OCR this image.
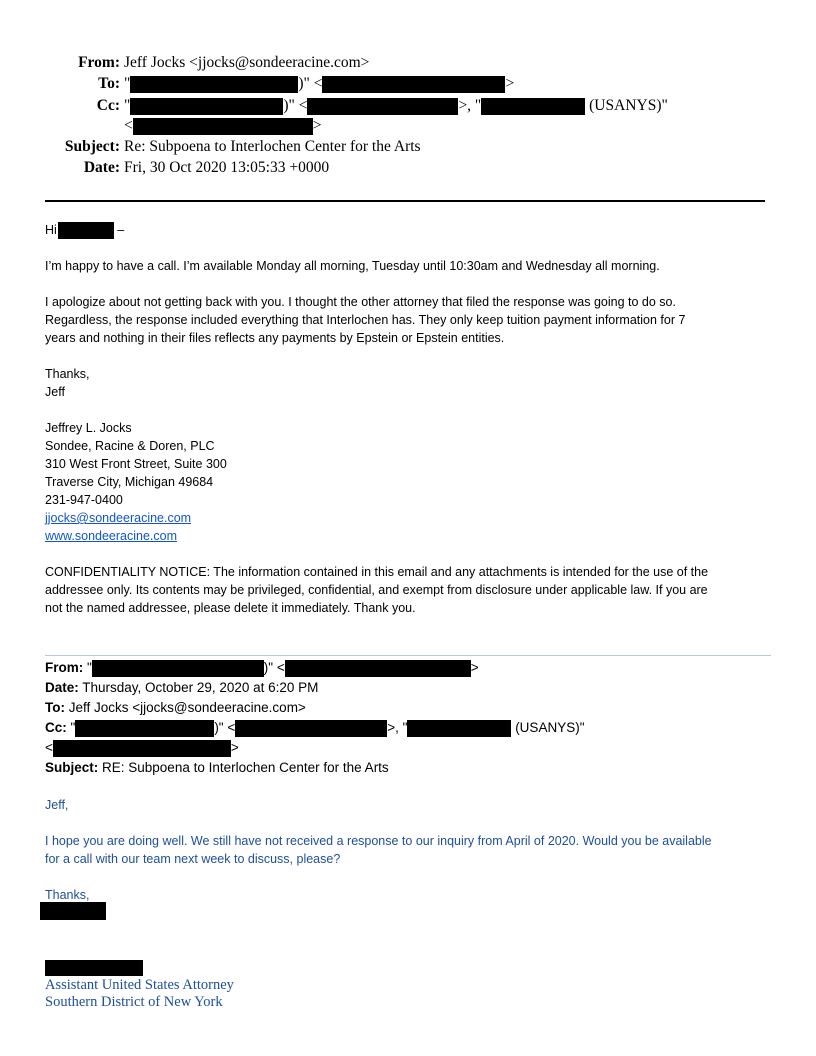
From: Jeff Jocks <jjocks@sondeeracine.com>
To: "	)" <	>
Cc: "	)" <	>, "	(USANYS)"
<	>
Subject: Re: Subpoena to Interlochen Center for the Arts
Date: Fri, 30 Oct 2020 13:05:33 +0000
Hi	–
I’m happy to have a call. I’m available Monday all morning, Tuesday until 10:30am and Wednesday all morning.
I apologize about not getting back with you. I thought the other attorney that filed the response was going to do so.
Regardless, the response included everything that Interlochen has. They only keep tuition payment information for 7
years and nothing in their files reflects any payments by Epstein or Epstein entities.
Thanks,
Jeff
Jeffrey L. Jocks
Sondee, Racine & Doren, PLC
310 West Front Street, Suite 300
Traverse City, Michigan 49684
231-947-0400
jjocks@sondeeracine.com
www.sondeeracine.com
CONFIDENTIALITY NOTICE: The information contained in this email and any attachments is intended for the use of the
addressee only. Its contents may be privileged, confidential, and exempt from disclosure under applicable law. If you are
not the named addressee, please delete it immediately. Thank you.
From: "	)" <	>
Date: Thursday, October 29, 2020 at 6:20 PM
To: Jeff Jocks <jjocks@sondeeracine.com>
Cc: "	)" <	>, "	(USANYS)"
<	>
Subject: RE: Subpoena to Interlochen Center for the Arts
Jeff,
I hope you are doing well. We still have not received a response to our inquiry from April of 2020. Would you be available
for a call with our team next week to discuss, please?
Thanks,
Assistant United States Attorney
Southern District of New York
